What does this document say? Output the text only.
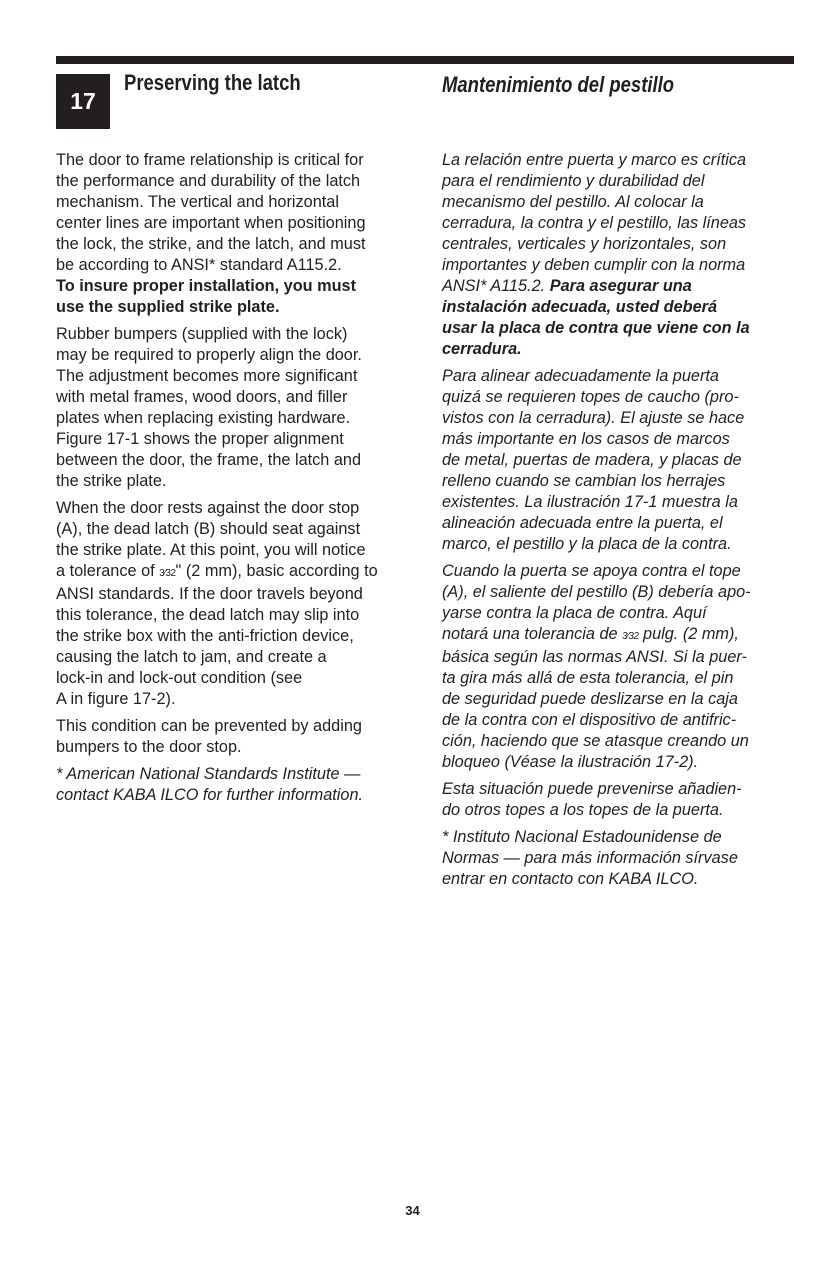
17
Preserving the latch	Mantenimiento del pestillo

The door to frame relationship is critical for
the performance and durability of the latch
mechanism. The vertical and horizontal
center lines are important when positioning
the lock, the strike, and the latch, and must
be according to ANSI* standard A115.2.
To insure proper installation, you must
use the supplied strike plate.

Rubber bumpers (supplied with the lock)
may be required to properly align the door.
The adjustment becomes more significant
with metal frames, wood doors, and filler
plates when replacing existing hardware.
Figure 17-1 shows the proper alignment
between the door, the frame, the latch and
the strike plate.

When the door rests against the door stop
(A), the dead latch (B) should seat against
the strike plate. At this point, you will notice
a tolerance of 3⁄32" (2 mm), basic according to
ANSI standards. If the door travels beyond
this tolerance, the dead latch may slip into
the strike box with the anti-friction device,
causing the latch to jam, and create a
lock-in and lock-out condition (see
A in figure 17-2).

This condition can be prevented by adding
bumpers to the door stop.

* American National Standards Institute —
contact KABA ILCO for further information.

La relación entre puerta y marco es crítica
para el rendimiento y durabilidad del
mecanismo del pestillo. Al colocar la
cerradura, la contra y el pestillo, las líneas
centrales, verticales y horizontales, son
importantes y deben cumplir con la norma
ANSI* A115.2. Para asegurar una
instalación adecuada, usted deberá
usar la placa de contra que viene con la
cerradura.

Para alinear adecuadamente la puerta
quizá se requieren topes de caucho (pro-
vistos con la cerradura). El ajuste se hace
más importante en los casos de marcos
de metal, puertas de madera, y placas de
relleno cuando se cambian los herrajes
existentes. La ilustración 17-1 muestra la
alineación adecuada entre la puerta, el
marco, el pestillo y la placa de la contra.

Cuando la puerta se apoya contra el tope
(A), el saliente del pestillo (B) debería apo-
yarse contra la placa de contra. Aquí
notará una tolerancia de 3⁄32 pulg. (2 mm),
básica según las normas ANSI. Si la puer-
ta gira más allá de esta tolerancia, el pin
de seguridad puede deslizarse en la caja
de la contra con el dispositivo de antifric-
ción, haciendo que se atasque creando un
bloqueo (Véase la ilustración 17-2).

Esta situación puede prevenirse añadien-
do otros topes a los topes de la puerta.

* Instituto Nacional Estadounidense de
Normas — para más información sírvase
entrar en contacto con KABA ILCO.

34
